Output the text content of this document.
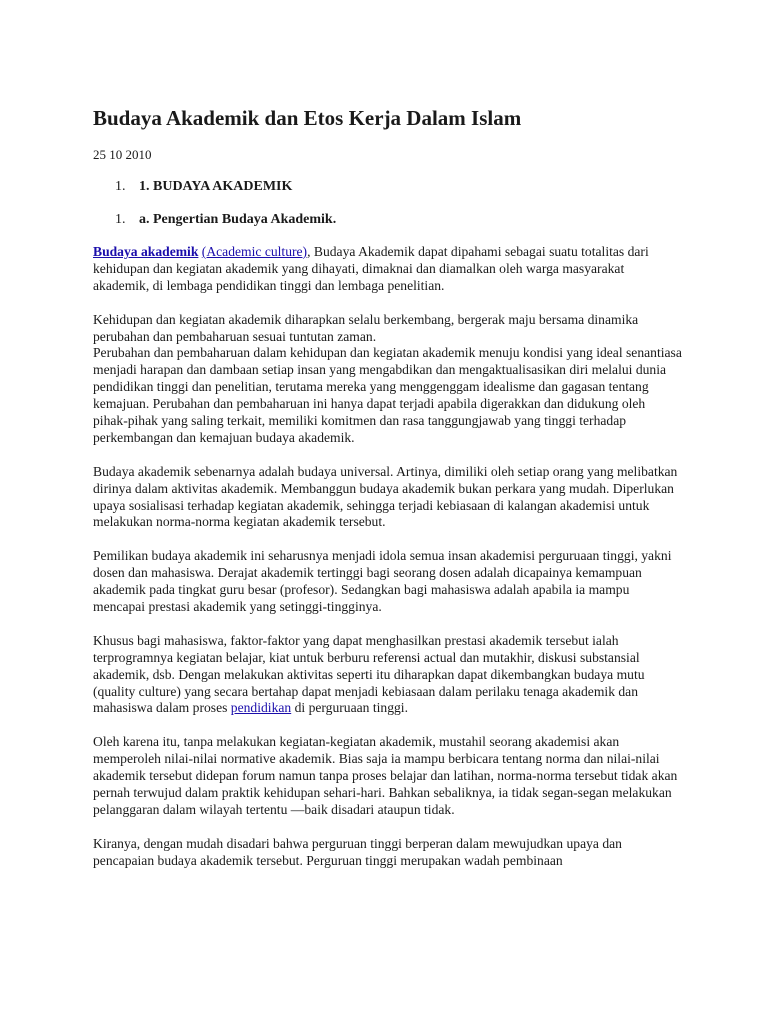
Budaya Akademik dan Etos Kerja Dalam Islam
25 10 2010
1. 1. BUDAYA AKADEMIK
1. a. Pengertian Budaya Akademik.

Budaya akademik (Academic culture), Budaya Akademik dapat dipahami sebagai suatu totalitas dari kehidupan dan kegiatan akademik yang dihayati, dimaknai dan diamalkan oleh warga masyarakat akademik, di lembaga pendidikan tinggi dan lembaga penelitian.

Kehidupan dan kegiatan akademik diharapkan selalu berkembang, bergerak maju bersama dinamika perubahan dan pembaharuan sesuai tuntutan zaman.

Perubahan dan pembaharuan dalam kehidupan dan kegiatan akademik menuju kondisi yang ideal senantiasa menjadi harapan dan dambaan setiap insan yang mengabdikan dan mengaktualisasikan diri melalui dunia pendidikan tinggi dan penelitian, terutama mereka yang menggenggam idealisme dan gagasan tentang kemajuan. Perubahan dan pembaharuan ini hanya dapat terjadi apabila digerakkan dan didukung oleh pihak-pihak yang saling terkait, memiliki komitmen dan rasa tanggungjawab yang tinggi terhadap perkembangan dan kemajuan budaya akademik.

Budaya akademik sebenarnya adalah budaya universal. Artinya, dimiliki oleh setiap orang yang melibatkan dirinya dalam aktivitas akademik. Membanggun budaya akademik bukan perkara yang mudah. Diperlukan upaya sosialisasi terhadap kegiatan akademik, sehingga terjadi kebiasaan di kalangan akademisi untuk melakukan norma-norma kegiatan akademik tersebut.

Pemilikan budaya akademik ini seharusnya menjadi idola semua insan akademisi perguruaan tinggi, yakni dosen dan mahasiswa. Derajat akademik tertinggi bagi seorang dosen adalah dicapainya kemampuan akademik pada tingkat guru besar (profesor). Sedangkan bagi mahasiswa adalah apabila ia mampu mencapai prestasi akademik yang setinggi-tingginya.

Khusus bagi mahasiswa, faktor-faktor yang dapat menghasilkan prestasi akademik tersebut ialah terprogramnya kegiatan belajar, kiat untuk berburu referensi actual dan mutakhir, diskusi substansial akademik, dsb. Dengan melakukan aktivitas seperti itu diharapkan dapat dikembangkan budaya mutu (quality culture) yang secara bertahap dapat menjadi kebiasaan dalam perilaku tenaga akademik dan mahasiswa dalam proses pendidikan di perguruaan tinggi.

Oleh karena itu, tanpa melakukan kegiatan-kegiatan akademik, mustahil seorang akademisi akan memperoleh nilai-nilai normative akademik. Bias saja ia mampu berbicara tentang norma dan nilai-nilai akademik tersebut didepan forum namun tanpa proses belajar dan latihan, norma-norma tersebut tidak akan pernah terwujud dalam praktik kehidupan sehari-hari. Bahkan sebaliknya, ia tidak segan-segan melakukan pelanggaran dalam wilayah tertentu —baik disadari ataupun tidak.

Kiranya, dengan mudah disadari bahwa perguruan tinggi berperan dalam mewujudkan upaya dan pencapaian budaya akademik tersebut. Perguruan tinggi merupakan wadah pembinaan
